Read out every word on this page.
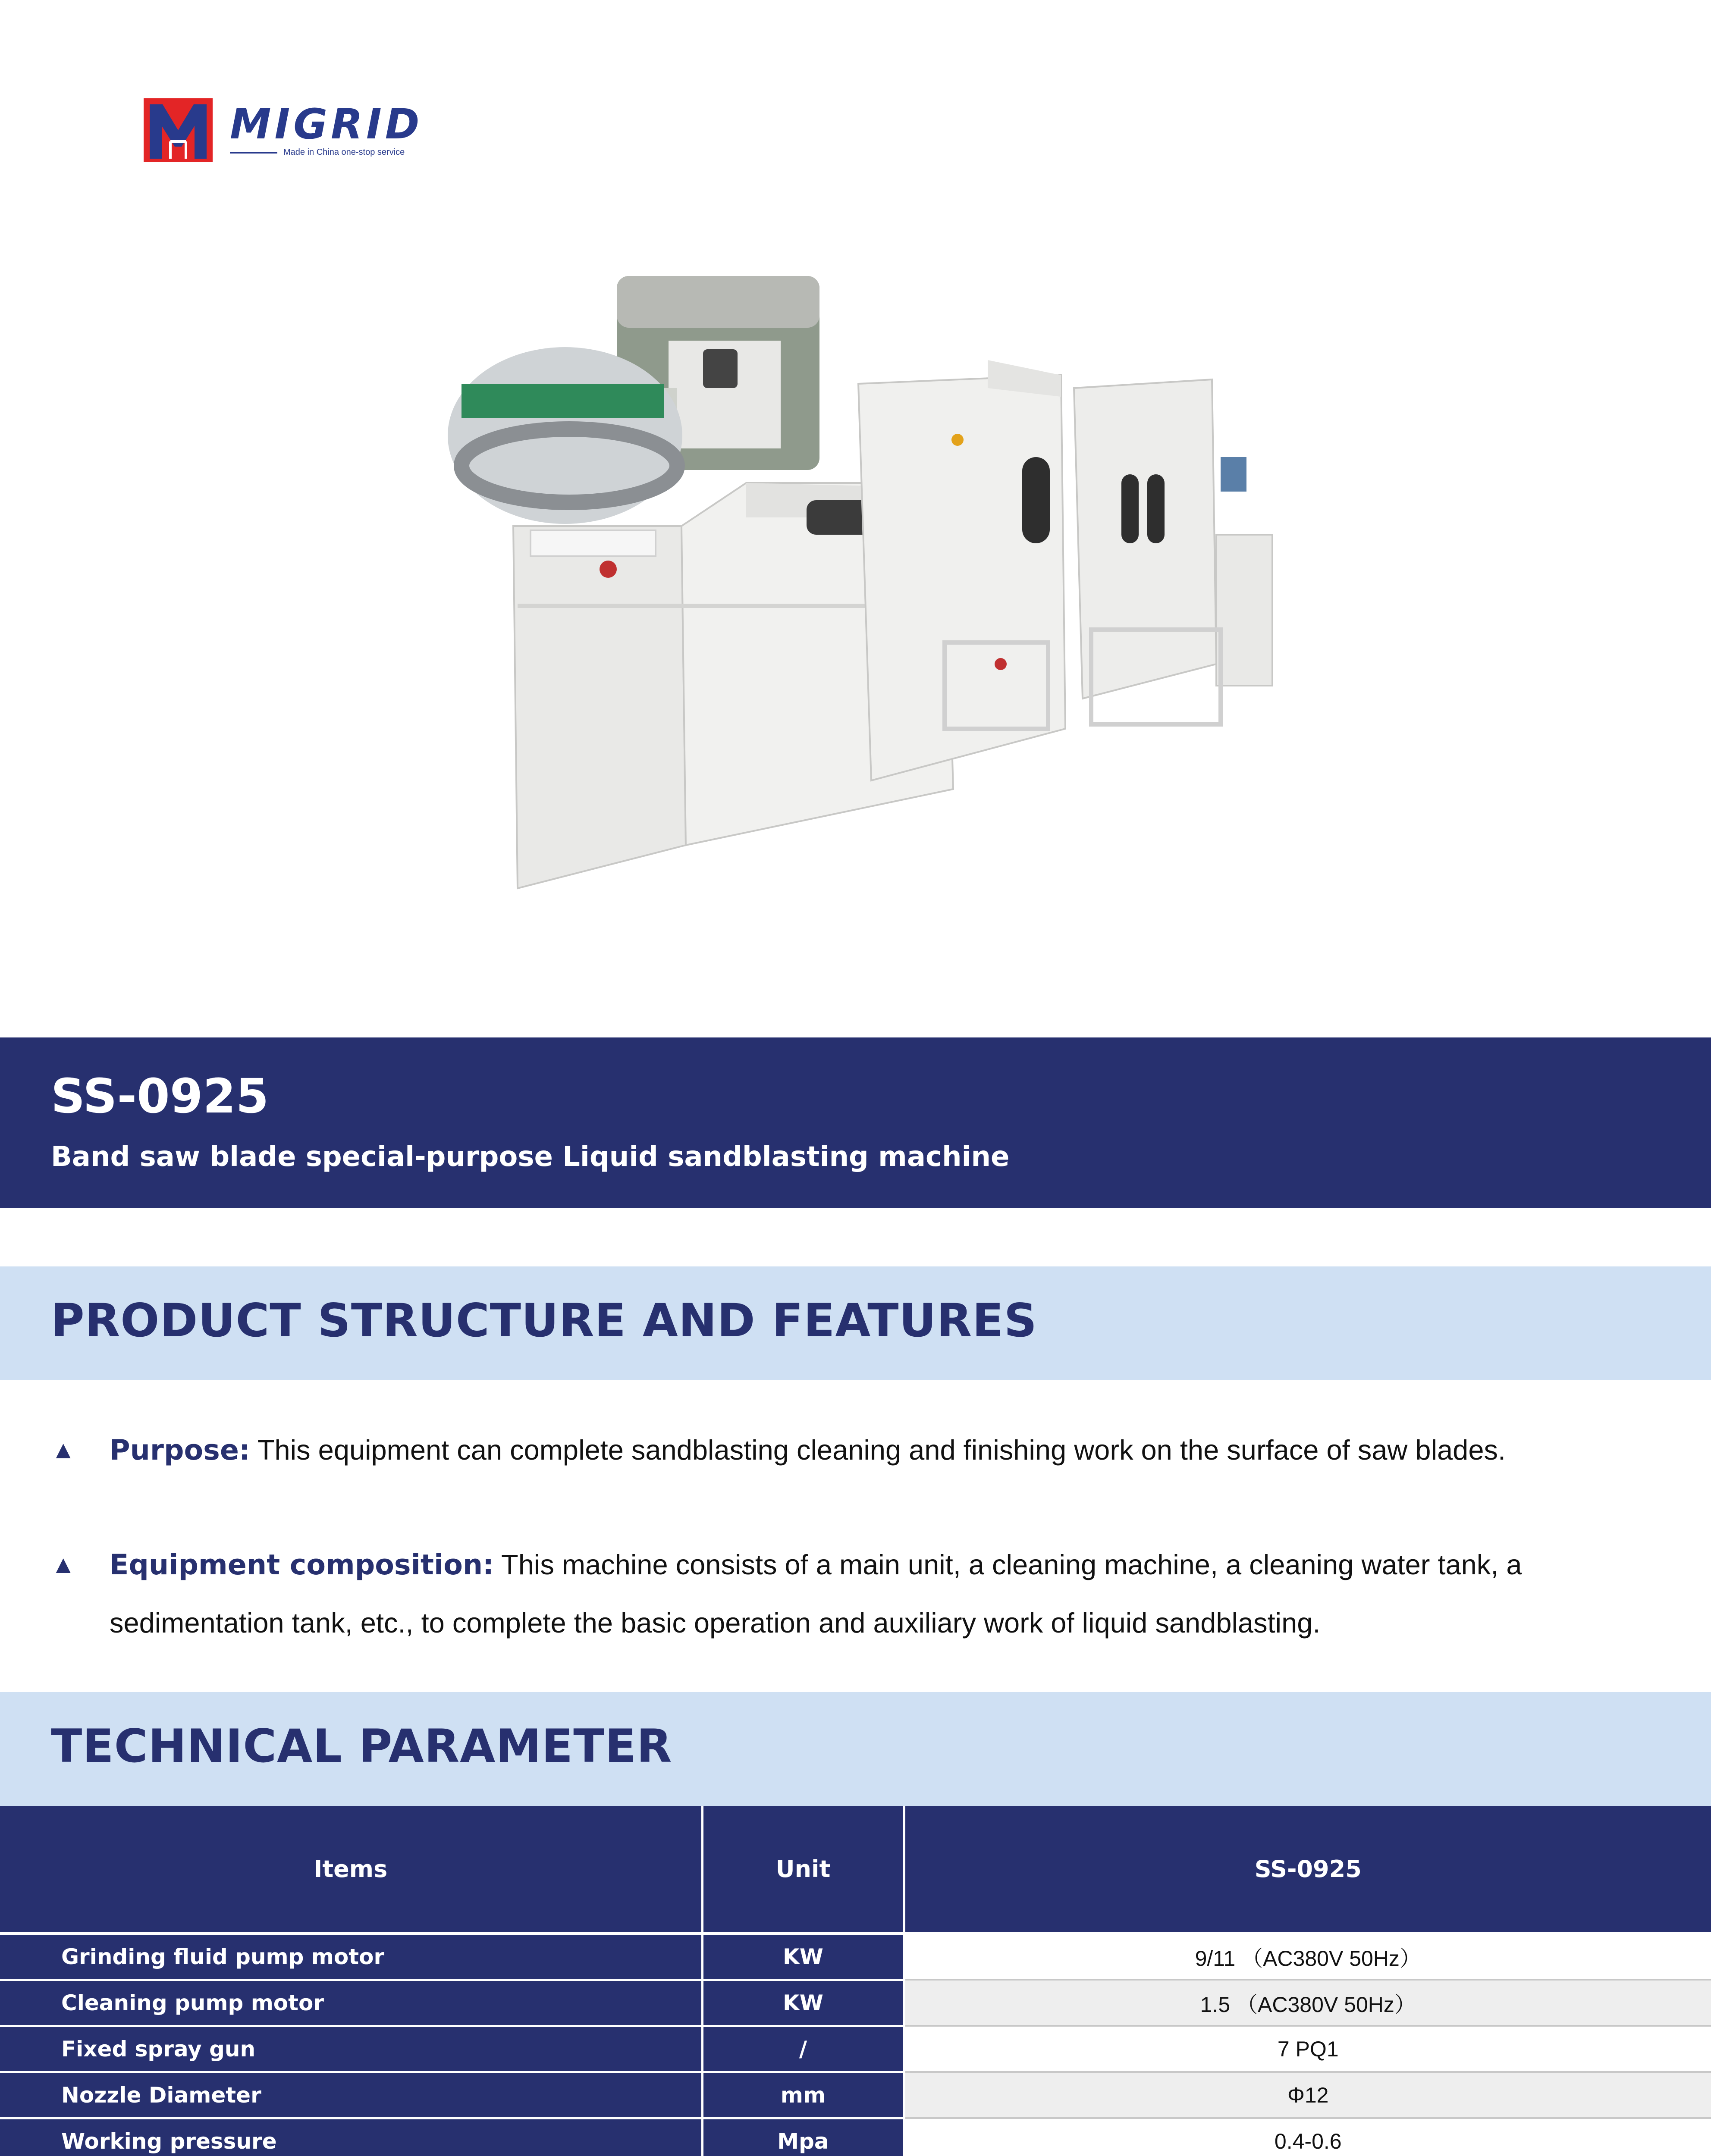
MIGRID
Made in China one-stop service
SS-0925
Band saw blade special-purpose Liquid sandblasting machine
PRODUCT STRUCTURE AND FEATURES
▲ Purpose: This equipment can complete sandblasting cleaning and finishing work on the surface of saw blades.
▲ Equipment composition: This machine consists of a main unit, a cleaning machine, a cleaning water tank, a sedimentation tank, etc., to complete the basic operation and auxiliary work of liquid sandblasting.
TECHNICAL PARAMETER
Items	Unit	SS-0925
Grinding fluid pump motor	KW	9/11 （AC380V 50Hz）
Cleaning pump motor	KW	1.5 （AC380V 50Hz）
Fixed spray gun	/	7 PQ1
Nozzle Diameter	mm	Φ12
Working pressure	Mpa	0.4-0.6
